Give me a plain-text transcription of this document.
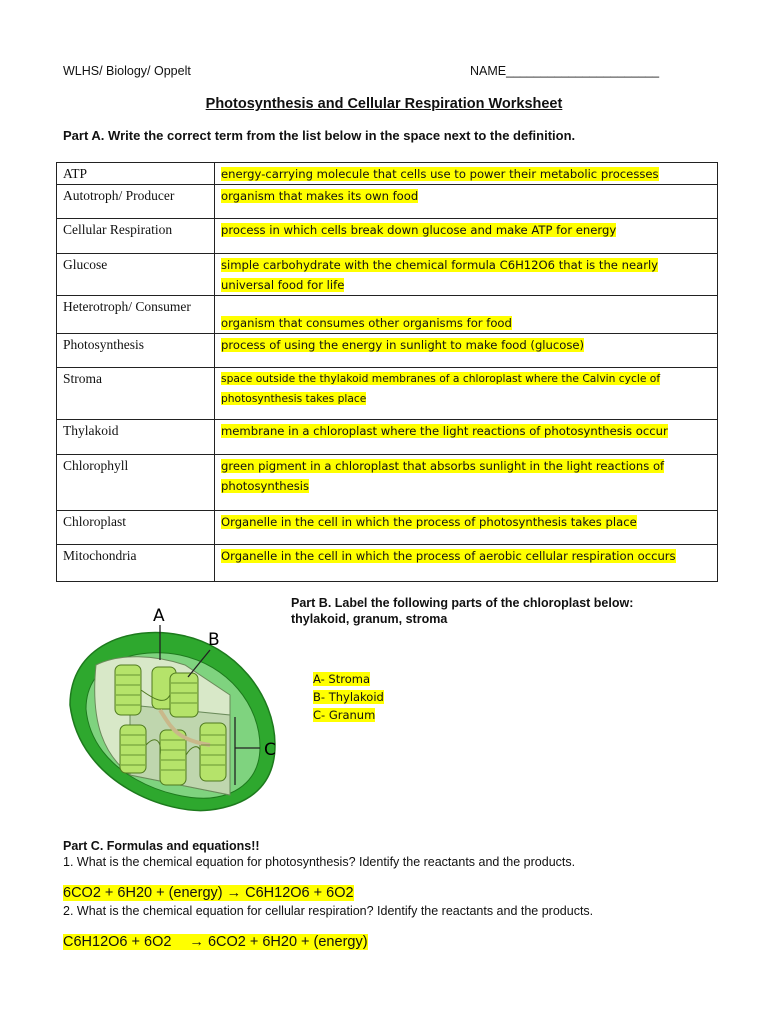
WLHS/ Biology/ Oppelt	NAME______________________
Photosynthesis and Cellular Respiration Worksheet
Part A. Write the correct term from the list below in the space next to the definition.
ATP	energy-carrying molecule that cells use to power their metabolic processes
Autotroph/ Producer	organism that makes its own food
Cellular Respiration	process in which cells break down glucose and make ATP for energy
Glucose	simple carbohydrate with the chemical formula C6H12O6 that is the nearly universal food for life
Heterotroph/ Consumer	organism that consumes other organisms for food
Photosynthesis	process of using the energy in sunlight to make food (glucose)
Stroma	space outside the thylakoid membranes of a chloroplast where the Calvin cycle of photosynthesis takes place
Thylakoid	membrane in a chloroplast where the light reactions of photosynthesis occur
Chlorophyll	green pigment in a chloroplast that absorbs sunlight in the light reactions of photosynthesis
Chloroplast	Organelle in the cell in which the process of photosynthesis takes place
Mitochondria	Organelle in the cell in which the process of aerobic cellular respiration occurs
A
B
C
Part B. Label the following parts of the chloroplast below:
thylakoid, granum, stroma
A- Stroma
B- Thylakoid
C- Granum
Part C. Formulas and equations!!
1. What is the chemical equation for photosynthesis? Identify the reactants and the products.
6CO2 + 6H20 + (energy) → C6H12O6 + 6O2
2. What is the chemical equation for cellular respiration? Identify the reactants and the products.
C6H12O6 + 6O2 → 6CO2 + 6H20 + (energy)
